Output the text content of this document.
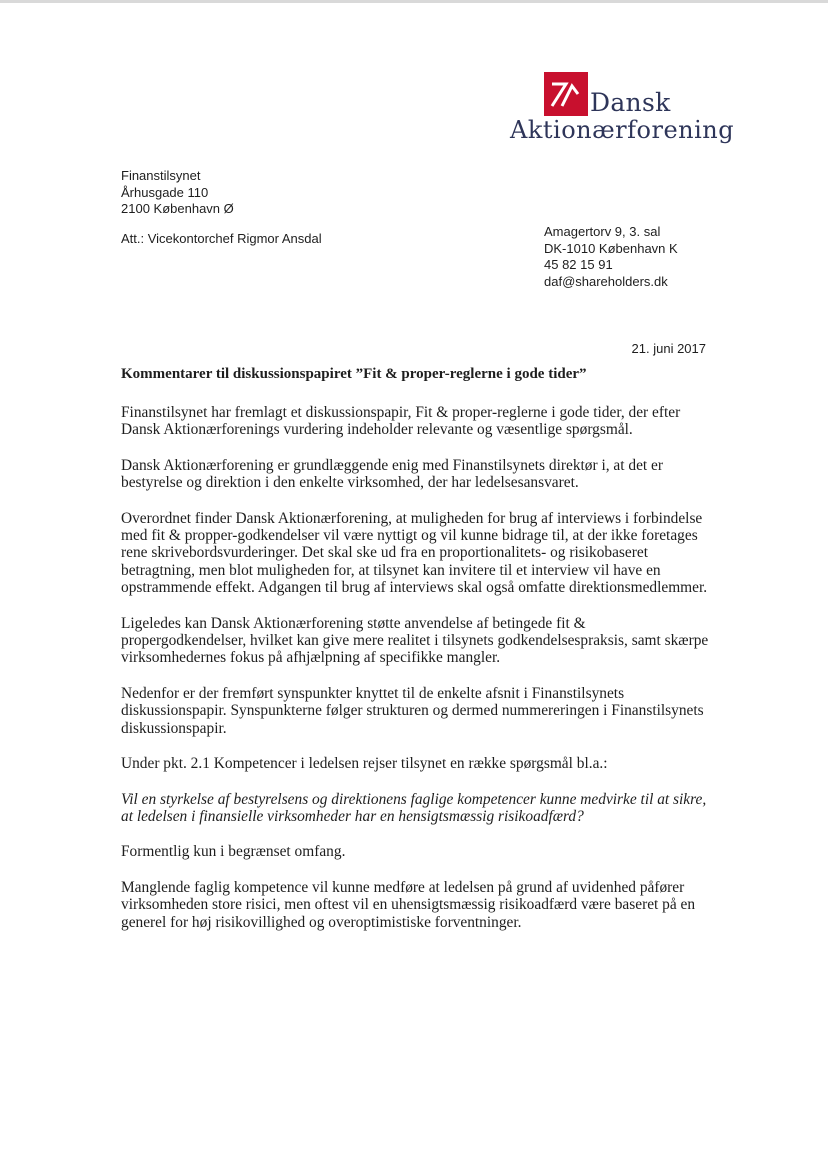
Dansk
Aktionærforening
Finanstilsynet
Århusgade 110
2100 København Ø
Att.: Vicekontorchef Rigmor Ansdal	Amagertorv 9, 3. sal
DK-1010 København K
45 82 15 91
daf@shareholders.dk
21. juni 2017
Kommentarer til diskussionspapiret ”Fit & proper-reglerne i gode tider”

Finanstilsynet har fremlagt et diskussionspapir, Fit & proper-reglerne i gode tider, der efter Dansk Aktionærforenings vurdering indeholder relevante og væsentlige spørgsmål.

Dansk Aktionærforening er grundlæggende enig med Finanstilsynets direktør i, at det er bestyrelse og direktion i den enkelte virksomhed, der har ledelsesansvaret.

Overordnet finder Dansk Aktionærforening, at muligheden for brug af interviews i forbindelse med fit & propper-godkendelser vil være nyttigt og vil kunne bidrage til, at der ikke foretages rene skrivebordsvurderinger. Det skal ske ud fra en proportionalitets- og risikobaseret betragtning, men blot muligheden for, at tilsynet kan invitere til et interview vil have en opstrammende effekt. Adgangen til brug af interviews skal også omfatte direktionsmedlemmer.

Ligeledes kan Dansk Aktionærforening støtte anvendelse af betingede fit & propergodkendelser, hvilket kan give mere realitet i tilsynets godkendelsespraksis, samt skærpe virksomhedernes fokus på afhjælpning af specifikke mangler.

Nedenfor er der fremført synspunkter knyttet til de enkelte afsnit i Finanstilsynets diskussionspapir. Synspunkterne følger strukturen og dermed nummereringen i Finanstilsynets diskussionspapir.

Under pkt. 2.1 Kompetencer i ledelsen rejser tilsynet en række spørgsmål bl.a.:

Vil en styrkelse af bestyrelsens og direktionens faglige kompetencer kunne medvirke til at sikre, at ledelsen i finansielle virksomheder har en hensigtsmæssig risikoadfærd?

Formentlig kun i begrænset omfang.

Manglende faglig kompetence vil kunne medføre at ledelsen på grund af uvidenhed påfører virksomheden store risici, men oftest vil en uhensigtsmæssig risikoadfærd være baseret på en generel for høj risikovillighed og overoptimistiske forventninger.
